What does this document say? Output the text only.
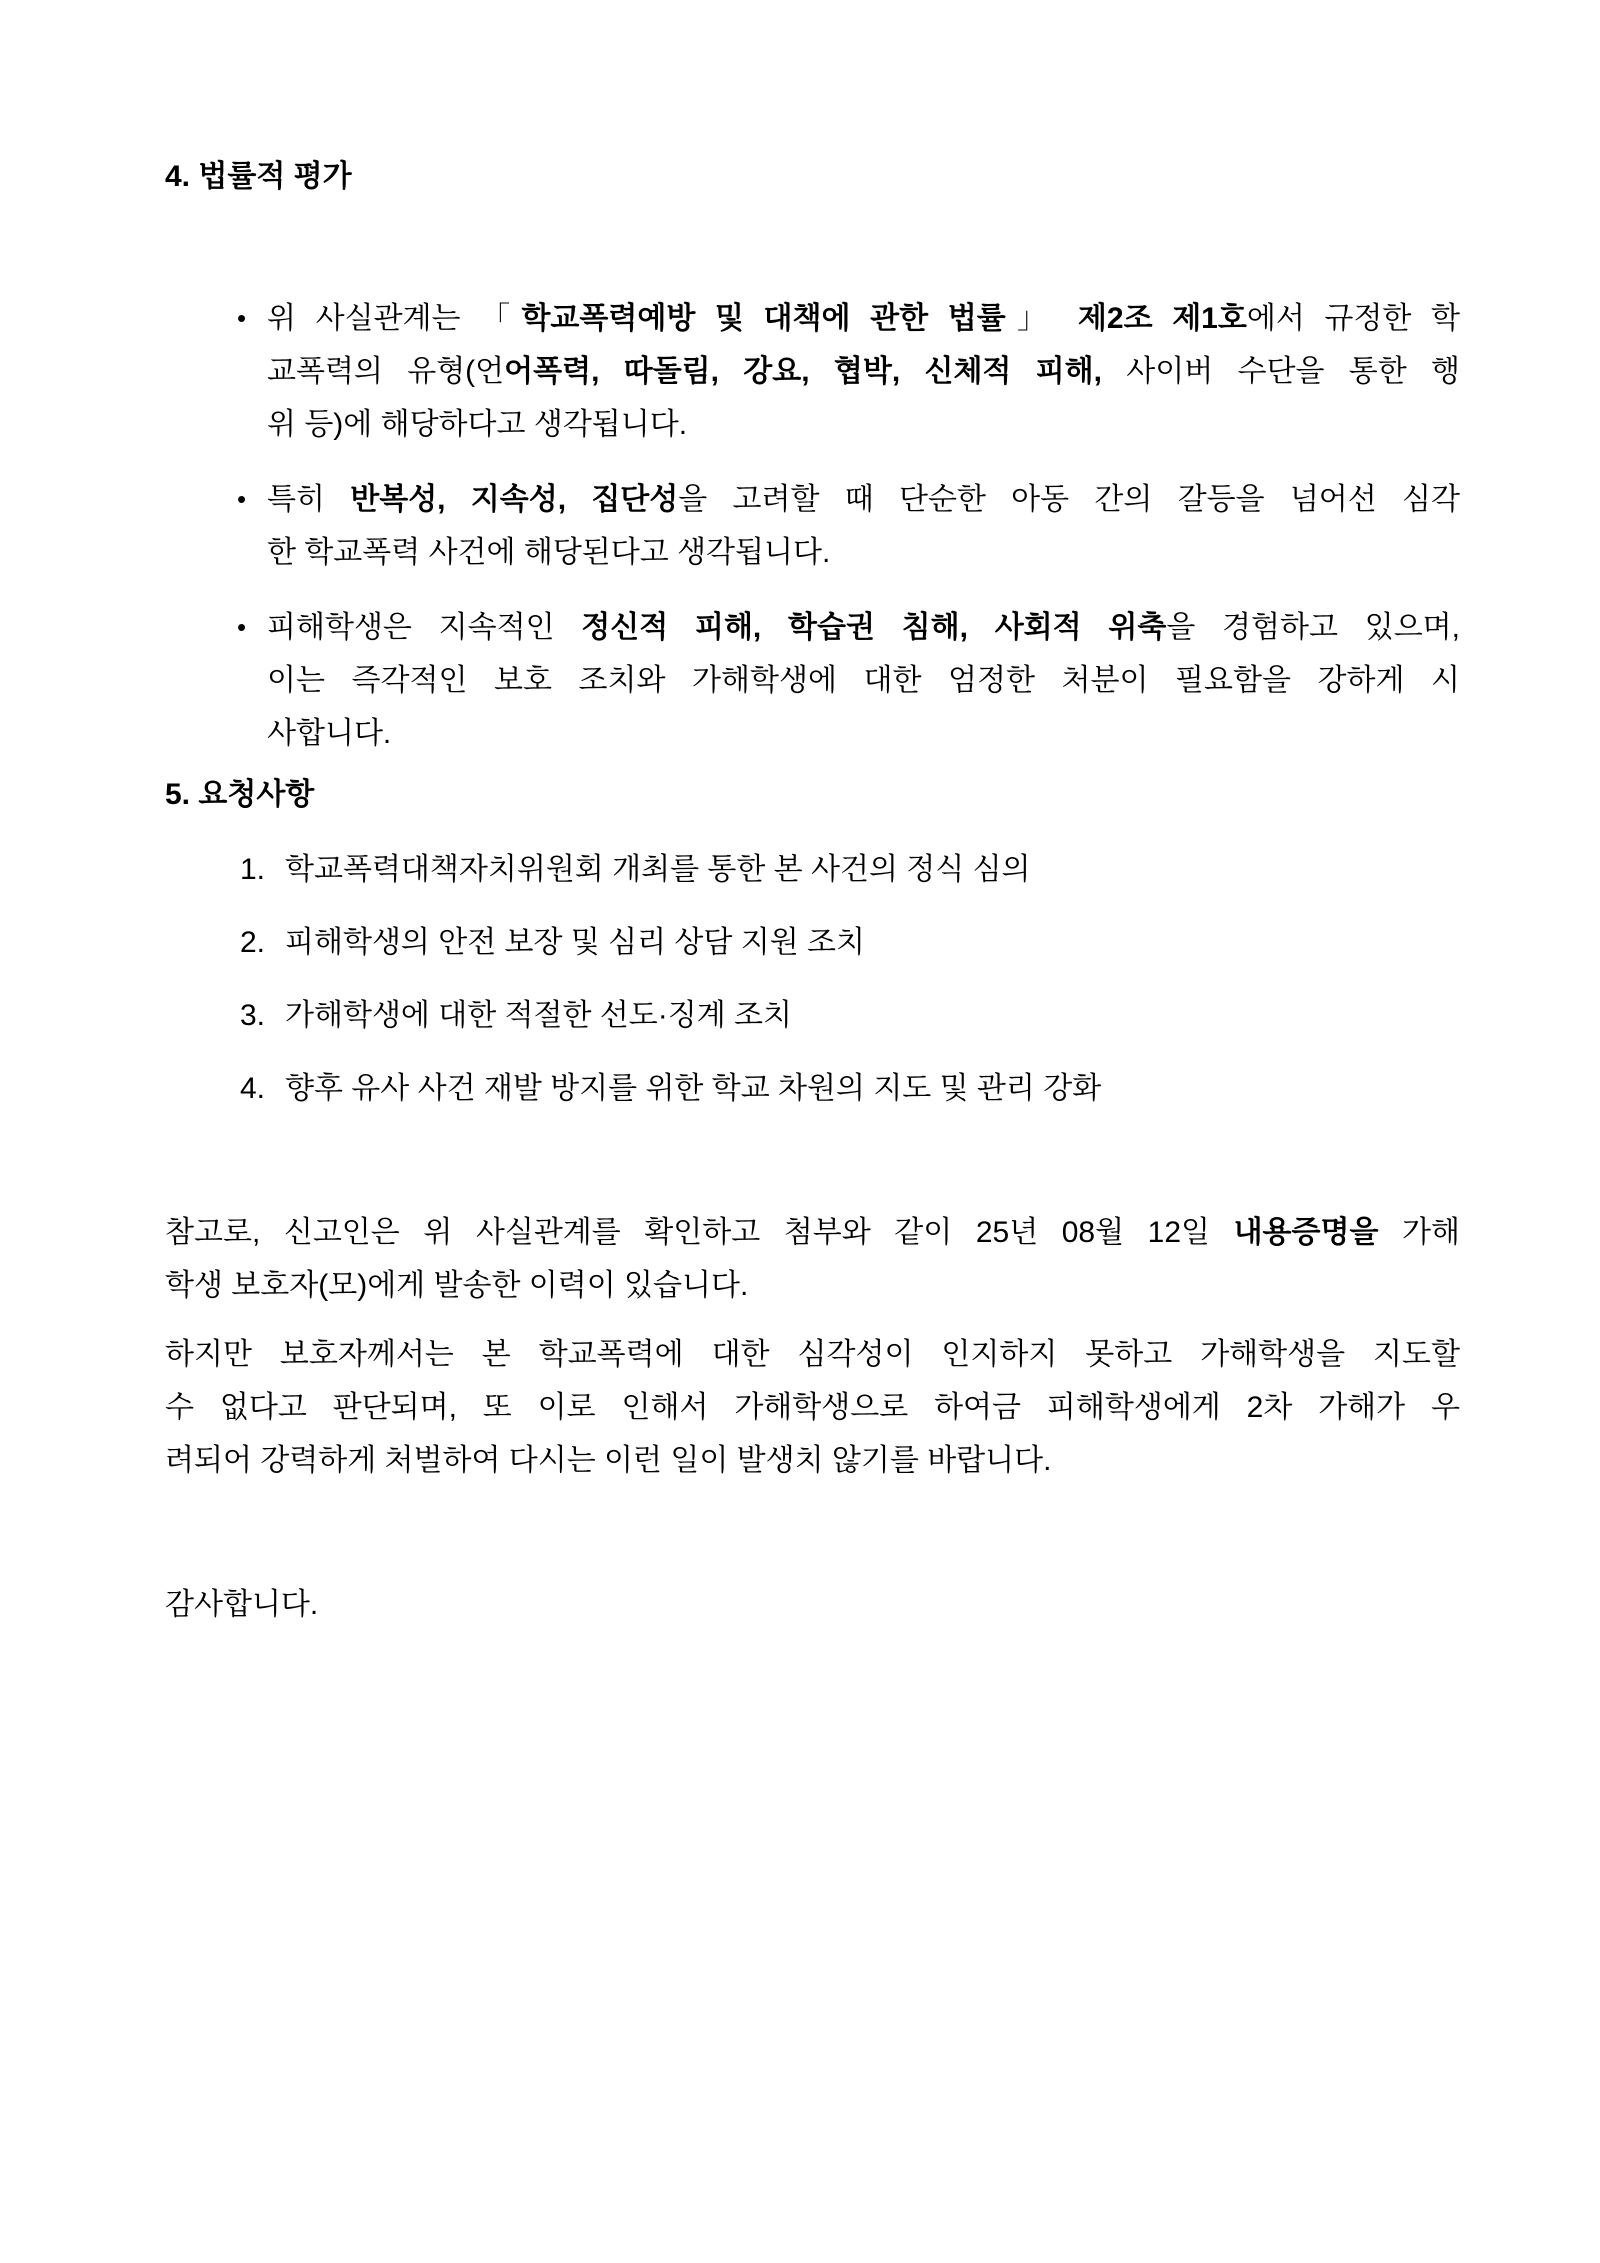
4. 법률적 평가
• 위 사실관계는 「학교폭력예방 및 대책에 관한 법률」 제2조 제1호에서 규정한 학
교폭력의 유형(언어폭력, 따돌림, 강요, 협박, 신체적 피해, 사이버 수단을 통한 행
위 등)에 해당하다고 생각됩니다.
• 특히 반복성, 지속성, 집단성을 고려할 때 단순한 아동 간의 갈등을 넘어선 심각
한 학교폭력 사건에 해당된다고 생각됩니다.
• 피해학생은 지속적인 정신적 피해, 학습권 침해, 사회적 위축을 경험하고 있으며,
이는 즉각적인 보호 조치와 가해학생에 대한 엄정한 처분이 필요함을 강하게 시
사합니다.
5. 요청사항
1. 학교폭력대책자치위원회 개최를 통한 본 사건의 정식 심의
2. 피해학생의 안전 보장 및 심리 상담 지원 조치
3. 가해학생에 대한 적절한 선도·징계 조치
4. 향후 유사 사건 재발 방지를 위한 학교 차원의 지도 및 관리 강화
참고로, 신고인은 위 사실관계를 확인하고 첨부와 같이 25년 08월 12일 내용증명을 가해
학생 보호자(모)에게 발송한 이력이 있습니다.
하지만 보호자께서는 본 학교폭력에 대한 심각성이 인지하지 못하고 가해학생을 지도할
수 없다고 판단되며, 또 이로 인해서 가해학생으로 하여금 피해학생에게 2차 가해가 우
려되어 강력하게 처벌하여 다시는 이런 일이 발생치 않기를 바랍니다.
감사합니다.
